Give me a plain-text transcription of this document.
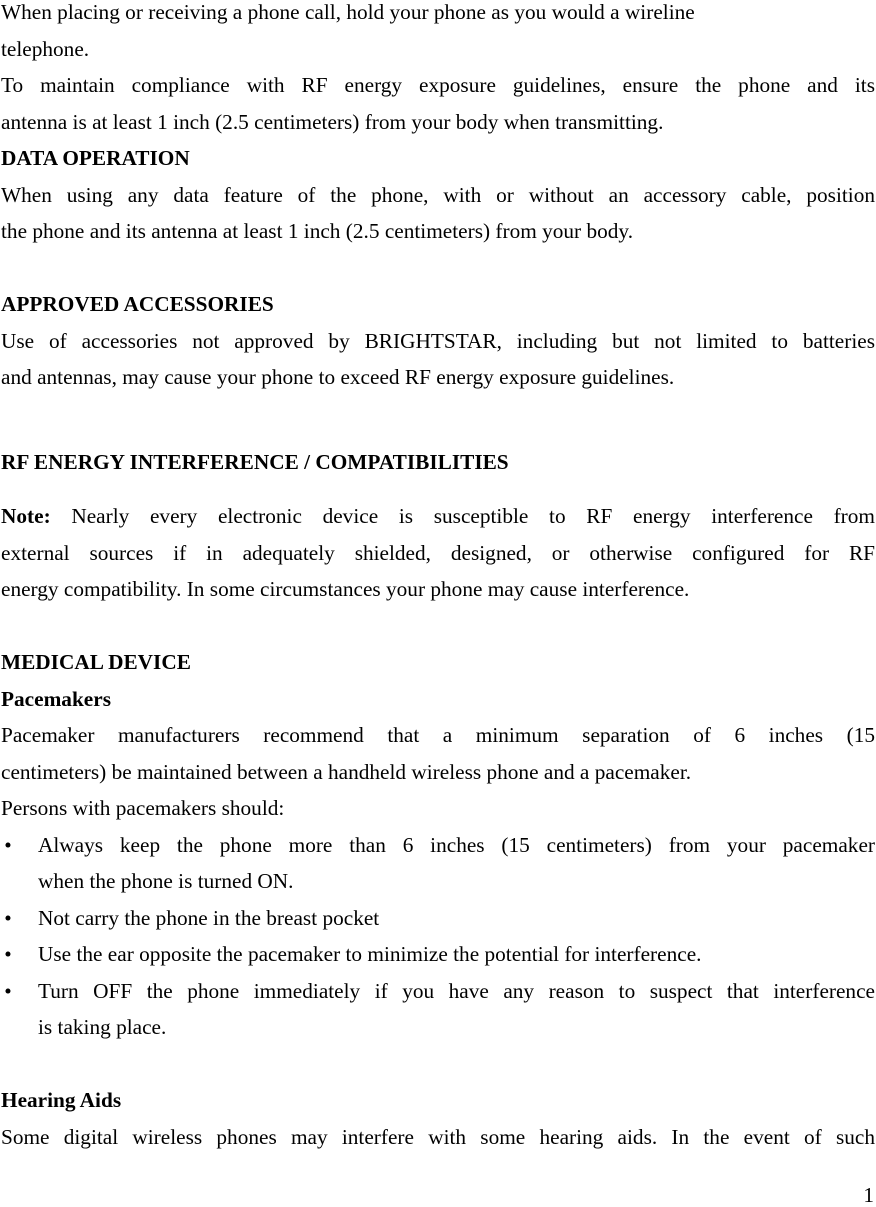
When placing or receiving a phone call, hold your phone as you would a wireline
telephone.
To maintain compliance with RF energy exposure guidelines, ensure the phone and its
antenna is at least 1 inch (2.5 centimeters) from your body when transmitting.
DATA OPERATION
When using any data feature of the phone, with or without an accessory cable, position
the phone and its antenna at least 1 inch (2.5 centimeters) from your body.
APPROVED ACCESSORIES
Use of accessories not approved by BRIGHTSTAR, including but not limited to batteries
and antennas, may cause your phone to exceed RF energy exposure guidelines.
RF ENERGY INTERFERENCE / COMPATIBILITIES
Note: Nearly every electronic device is susceptible to RF energy interference from
external sources if in adequately shielded, designed, or otherwise configured for RF
energy compatibility. In some circumstances your phone may cause interference.
MEDICAL DEVICE
Pacemakers
Pacemaker manufacturers recommend that a minimum separation of 6 inches (15
centimeters) be maintained between a handheld wireless phone and a pacemaker.
Persons with pacemakers should:
• Always keep the phone more than 6 inches (15 centimeters) from your pacemaker
when the phone is turned ON.
• Not carry the phone in the breast pocket
• Use the ear opposite the pacemaker to minimize the potential for interference.
• Turn OFF the phone immediately if you have any reason to suspect that interference
is taking place.
Hearing Aids
Some digital wireless phones may interfere with some hearing aids. In the event of such
1
